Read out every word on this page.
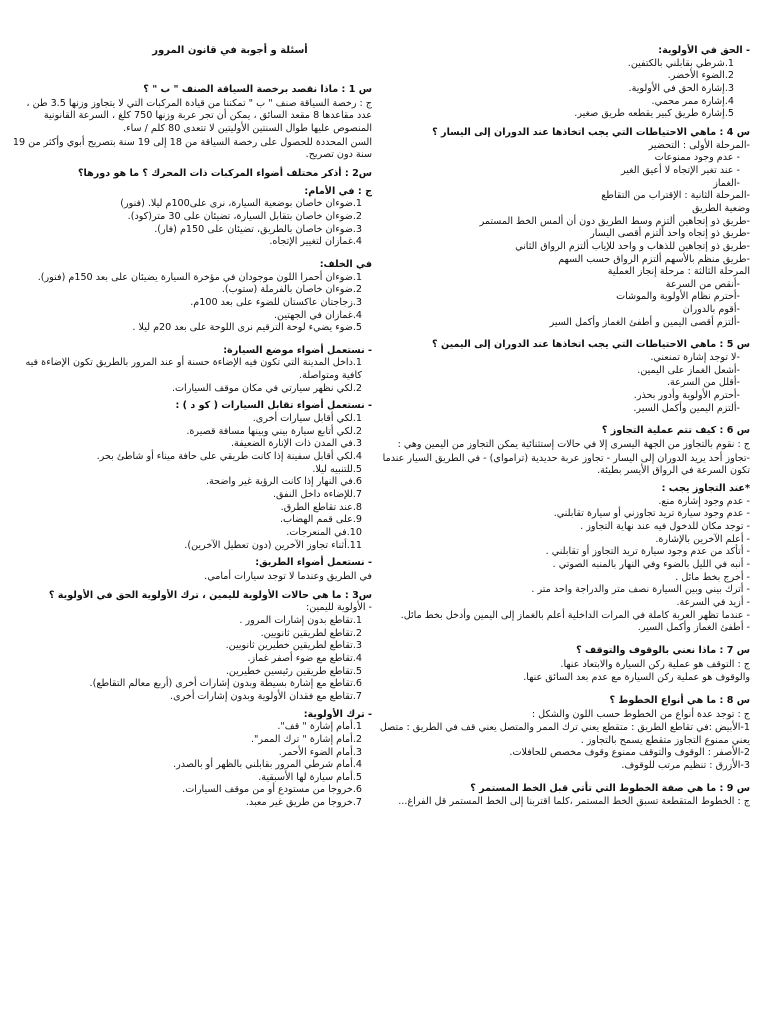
أسئلة و أجوبة في قانون المرور
س 1 : ماذا نقصد برخصة السياقة الصنف " ب " ؟

ج : رخصة السياقة صنف " ب " تمكننا من قيادة المركبات التي لا يتجاوز وزنها 3.5 طن ، عدد مقاعدها 8 مقعد السائق ، يمكن أن تجر عربة وزنها 750 كلغ ، السرعة القانونية المنصوص عليها طوال السنتين الأوليتين لا تتعدى 80 كلم / ساء.

السن المحددة للحصول على رخصة السياقة من 18 إلى 19 سنة بتصريح أبوي وأكثر من 19 سنة دون تصريح.

س2 : أذكر مختلف أضواء المركبات ذات المحرك ؟ ما هو دورها؟
ج : في الأمام:
1.ضوءان خاصان بوضعية السيارة، نرى على100م ليلا. (فنور)
2.ضوءان خاصان بتقابل السيارة، تضيئان على 30 متر(كود).
3.ضوءان خاصان بالطريق، تضيئان على 150م (فار).
4.غمازان لتغيير الإتجاه.
في الخلف:
1.ضوءان أحمرا اللون موجودان في مؤخرة السيارة يضيئان على بعد 150م (فنور).
2.ضوءان خاصان بالفرملة (ستوب).
3.زجاجتان عاكستان للضوء على بعد 100م.
4.غمازان في الجهتين.
5.ضوء يضيء لوحة الترقيم نرى اللوحة على بعد 20م ليلا .
- نستعمل أضواء موضع السيارة:
1.داخل المدينة التي تكون فيه الإضاءة حسنة أو عند المرور بالطريق تكون الإضاءة فيه كافية ومتواصلة.
2.لكي نظهر سيارتي في مكان موقف السيارات.
- نستعمل أضواء تقابل السيارات ( كو د ) :
1.لكي أقابل سيارات أخرى.
2.لكي أتابع سيارة بيني وبينها مسافة قصيرة.
3.في المدن ذات الإنارة الضعيفة.
4.لكي أقابل سفينة إذا كانت طريقي على حافة ميناء أو شاطئ بحر.
5.للتنبيه ليلا.
6.في النهار إذا كانت الرؤية غير واضحة.
7.للإضاءة داخل النفق.
8.عند تقاطع الطرق.
9.على قمم الهضاب.
10.في المنعرجات.
11.أثناء تجاوز الآخرين (دون تعطيل الآخرين).
- نستعمل أضواء الطريق:

في الطريق وعندما لا توجد سيارات أمامي.

س3 : ما هي حالات الأولوية لليمين ، ترك الأولوية الحق في الأولوية ؟
- الأولوية لليمين:
1.تقاطع بدون إشارات المرور .
2.تقاطع لطريقين ثانويين.
3.تقاطع لطريقين خطيرين ثانويين.
4.تقاطع مع ضوء أصفر غماز.
5.تقاطع طريقين رئيسين خطيرين.
6.تقاطع مع إشارة بسيطة وبدون إشارات أخرى (أربع معالم التقاطع).
7.تقاطع مع فقدان الأولوية وبدون إشارات أخرى.
- ترك الأولوية:
1.أمام إشارة " قف".
2.أمام إشارة " ترك الممر".
3.أمام الضوء الأحمر.
4.أمام شرطي المرور بقابلني بالظهر أو بالصدر.
5.أمام سيارة لها الأسبقية.
6.خروجا من مستودع أو من موقف السيارات.
7.خروجا من طريق غير معبد.
- الحق في الأولوية:
1.شرطي بقابلني بالكتفين.
2.الضوء الأخضر.
3.إشارة الحق في الأولوية.
4.إشارة ممر محمي.
5.إشارة طريق كبير يقطعه طريق صغير.
س 4 : ماهي الاحتياطات التي يجب اتخاذها عند الدوران إلى اليسار ؟
-المرحلة الأولى : التحضير
- عدم وجود ممنوعات
- عند تغير الإتجاه لا أعيق الغير
-الغماز
-المرحلة الثانية : الإقتراب من التقاطع
وضعية الطريق
-طريق ذو إتجاهين ألتزم وسط الطريق دون أن ألمس الخط المستمر
-طريق ذو إتجاه واحد ألتزم أقصى اليسار
-طريق ذو إتجاهين للذهاب و واحد للإياب ألتزم الرواق الثاني
-طريق منظم بالأسهم ألتزم الرواق حسب السهم
المرحلة الثالثة : مرحلة إنجاز العملية
-أنقص من السرعة
-أحترم نظام الأولوية والموشات
-أقوم بالدوران
-ألتزم أقصى اليمين و أطفئ الغماز وأكمل السير
س 5 : ماهي الاحتياطات التي يجب اتخاذها عند الدوران إلى اليمين ؟
-لا توجد إشارة تمنعني.
-أشعل الغماز على اليمين.
-أقلل من السرعة.
-أحترم الأولوية وأدور بحذر.
-ألتزم اليمين وأكمل السير.
س 6 : كيف تتم عملية التجاوز ؟

ج : نقوم بالتجاوز من الجهة اليسرى إلا في حالات إستثنائية يمكن التجاوز من اليمين وهي :

-تجاوز أحد يريد الدوران إلى اليسار - تجاوز عربة حديدية (ترامواي) - في الطريق السيار عندما تكون السرعة في الرواق الأيسر بطيئة.

*عند التجاوز يجب :
- عدم وجود إشارة منع.
- عدم وجود سيارة تريد تجاوزني أو سيارة تقابلني.
- توجد مكان للدخول فيه عند نهاية التجاوز .
- أعلم الآخرين بالإشارة.
- أتأكد من عدم وجود سيارة تريد التجاوز أو تقابلني .
- أنبه في الليل بالضوء وفي النهار بالمنبه الصوتي .
- أخرج بخط مائل .
- أترك بيني وبين السيارة نصف متر والدراجة واحد متر .
- أزيد في السرعة.
- عندما تظهر العربة كاملة في المرات الداخلية أعلم بالغماز إلى اليمين وأدخل بخط مائل.
- أطفئ الغماز وأكمل السير.
س 7 : ماذا نعني بالوقوف والتوقف ؟

ج : التوقف هو عملية ركن السيارة والابتعاد عنها.

والوقوف هو عملية ركن السيارة مع عدم بعد السائق عنها.

س 8 : ما هي أنواع الخطوط ؟

ج : توجد عدة أنواع من الخطوط حسب اللون والشكل :

1-الأبيض :في تقاطع الطريق : متقطع يعني ترك الممر والمتصل يعني قف في الطريق : متصل يعني ممنوع التجاوز متقطع يسمح بالتجاوز .
2-الأصفر : الوقوف والتوقف ممنوع وقوف مخصص للحافلات.
3-الأزرق : تنظيم مرتب للوقوف.
س 9 : ما هي صفة الخطوط التي تأتي قبل الخط المستمر ؟

ج : الخطوط المتقطعة تسبق الخط المستمر ،كلما اقتربنا إلى الخط المستمر قل الفراغ...
